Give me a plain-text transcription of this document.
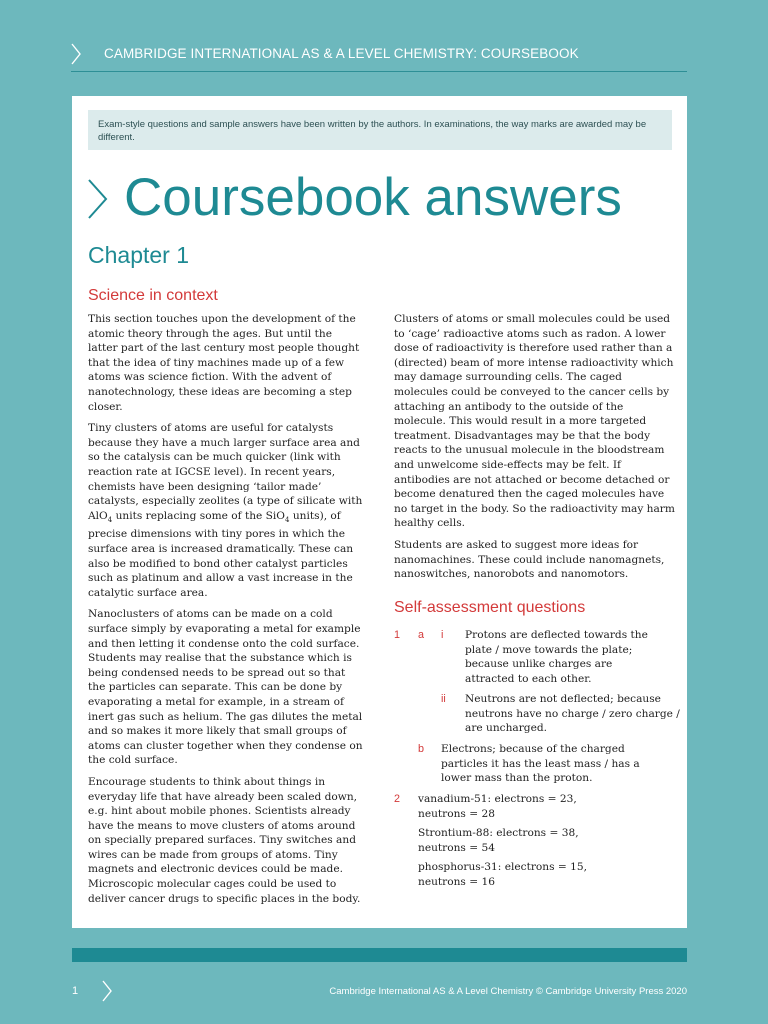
CAMBRIDGE INTERNATIONAL AS & A LEVEL CHEMISTRY: COURSEBOOK
Exam-style questions and sample answers have been written by the authors. In examinations, the way marks are awarded may be different.
Coursebook answers
Chapter 1
Science in context

This section touches upon the development of the atomic theory through the ages. But until the latter part of the last century most people thought that the idea of tiny machines made up of a few atoms was science fiction. With the advent of nanotechnology, these ideas are becoming a step closer.

Tiny clusters of atoms are useful for catalysts because they have a much larger surface area and so the catalysis can be much quicker (link with reaction rate at IGCSE level). In recent years, chemists have been designing ‘tailor made’ catalysts, especially zeolites (a type of silicate with AlO$_4$ units replacing some of the SiO$_4$ units), of precise dimensions with tiny pores in which the surface area is increased dramatically. These can also be modified to bond other catalyst particles such as platinum and allow a vast increase in the catalytic surface area.

Nanoclusters of atoms can be made on a cold surface simply by evaporating a metal for example and then letting it condense onto the cold surface. Students may realise that the substance which is being condensed needs to be spread out so that the particles can separate. This can be done by evaporating a metal for example, in a stream of inert gas such as helium. The gas dilutes the metal and so makes it more likely that small groups of atoms can cluster together when they condense on the cold surface.

Encourage students to think about things in everyday life that have already been scaled down, e.g. hint about mobile phones. Scientists already have the means to move clusters of atoms around on specially prepared surfaces. Tiny switches and wires can be made from groups of atoms. Tiny magnets and electronic devices could be made. Microscopic molecular cages could be used to deliver cancer drugs to specific places in the body.

Clusters of atoms or small molecules could be used to ‘cage’ radioactive atoms such as radon. A lower dose of radioactivity is therefore used rather than a (directed) beam of more intense radioactivity which may damage surrounding cells. The caged molecules could be conveyed to the cancer cells by attaching an antibody to the outside of the molecule. This would result in a more targeted treatment. Disadvantages may be that the body reacts to the unusual molecule in the bloodstream and unwelcome side-effects may be felt. If antibodies are not attached or become detached or become denatured then the caged molecules have no target in the body. So the radioactivity may harm healthy cells.

Students are asked to suggest more ideas for nanomachines. These could include nanomagnets, nanoswitches, nanorobots and nanomotors.

Self-assessment questions
1 a i Protons are deflected towards the plate / move towards the plate; because unlike charges are attracted to each other.
ii Neutrons are not deflected; because neutrons have no charge / zero charge / are uncharged.
b Electrons; because of the charged particles it has the least mass / has a lower mass than the proton.
2 vanadium-51: electrons = 23, neutrons = 28
Strontium-88: electrons = 38, neutrons = 54
phosphorus-31: electrons = 15, neutrons = 16
1	Cambridge International AS & A Level Chemistry © Cambridge University Press 2020
